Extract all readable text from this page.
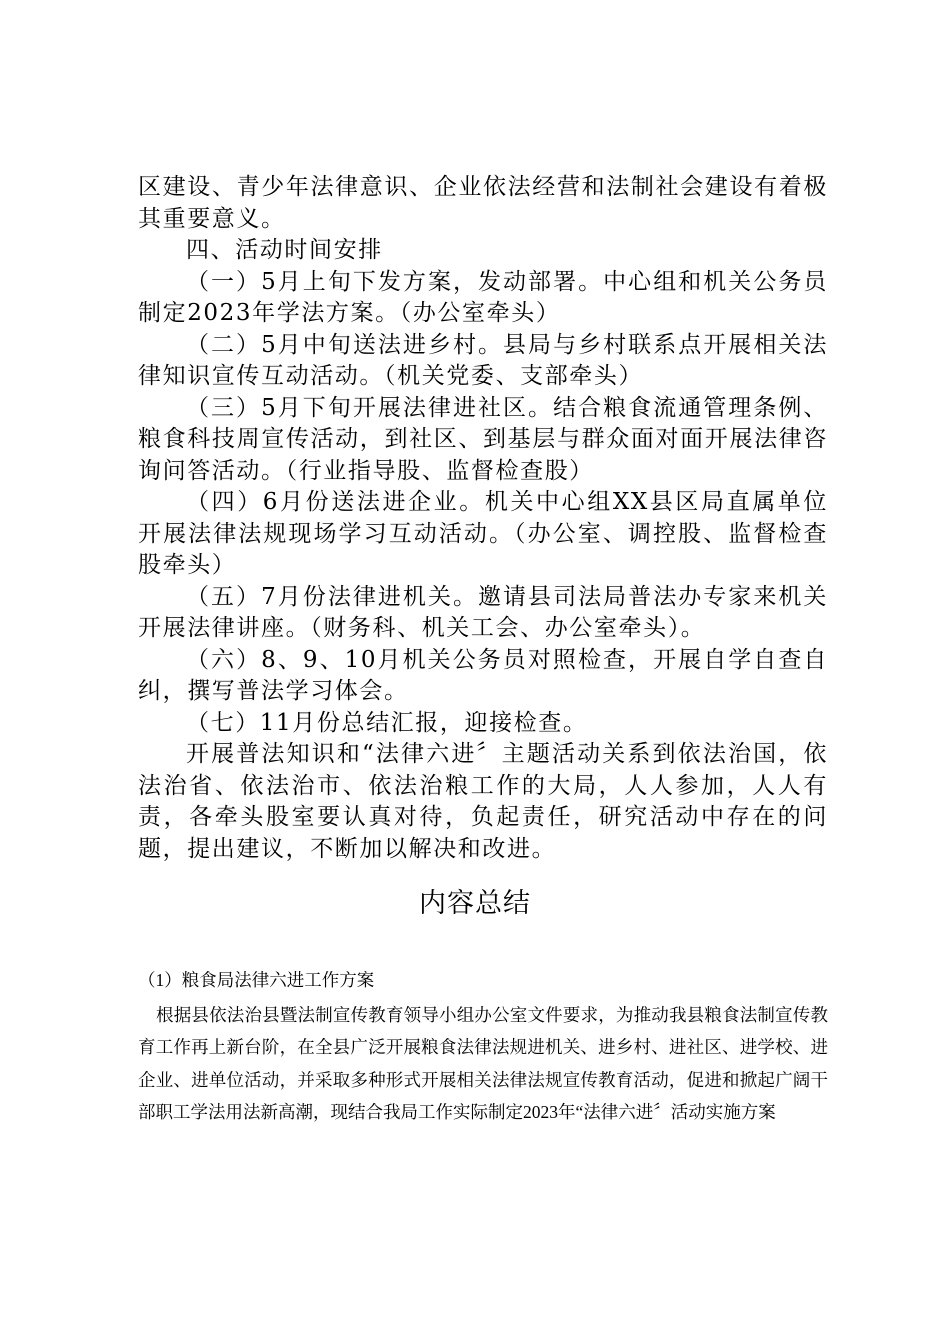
区建设、青少年法律意识、企业依法经营和法制社会建设有着极其重要意义。

四、活动时间安排

（一）5月上旬下发方案，发动部署。中心组和机关公务员制定2023年学法方案。（办公室牵头）

（二）5月中旬送法进乡村。县局与乡村联系点开展相关法律知识宣传互动活动。（机关党委、支部牵头）

（三）5月下旬开展法律进社区。结合粮食流通管理条例、粮食科技周宣传活动，到社区、到基层与群众面对面开展法律咨询问答活动。（行业指导股、监督检查股）

（四）6月份送法进企业。机关中心组XX县区局直属单位开展法律法规现场学习互动活动。（办公室、调控股、监督检查股牵头）

（五）7月份法律进机关。邀请县司法局普法办专家来机关开展法律讲座。（财务科、机关工会、办公室牵头）。

（六）8、9、10月机关公务员对照检查，开展自学自查自纠，撰写普法学习体会。

（七）11月份总结汇报，迎接检查。

开展普法知识和“法律六进〞主题活动关系到依法治国，依法治省、依法治市、依法治粮工作的大局，人人参加，人人有责，各牵头股室要认真对待，负起责任，研究活动中存在的问题，提出建议，不断加以解决和改进。

内容总结

（1）粮食局法律六进工作方案

根据县依法治县暨法制宣传教育领导小组办公室文件要求，为推动我县粮食法制宣传教育工作再上新台阶，在全县广泛开展粮食法律法规进机关、进乡村、进社区、进学校、进企业、进单位活动，并采取多种形式开展相关法律法规宣传教育活动，促进和掀起广阔干部职工学法用法新高潮，现结合我局工作实际制定2023年“法律六进〞活动实施方案
